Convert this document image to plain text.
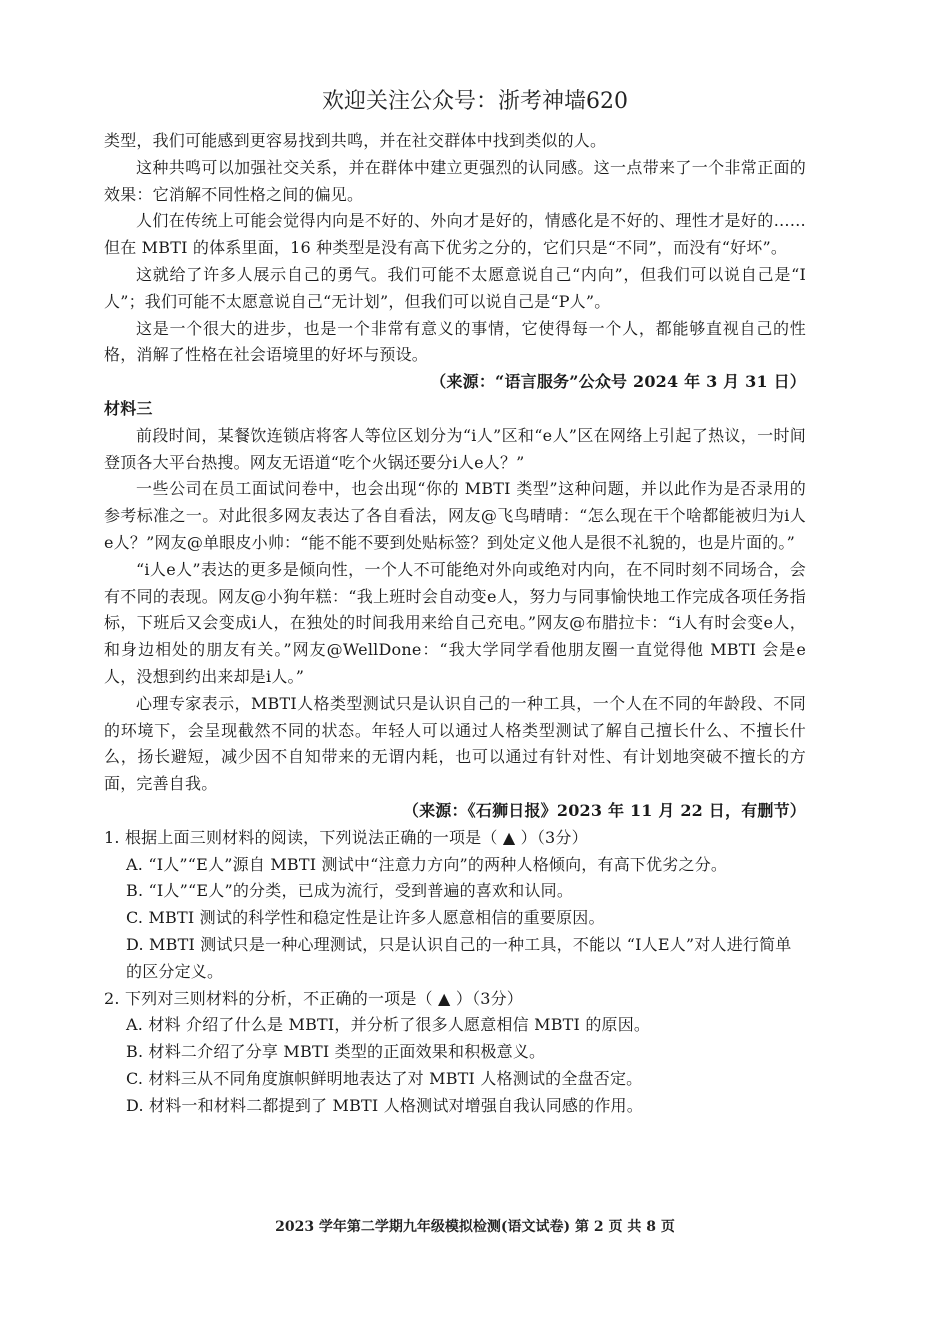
欢迎关注公众号：浙考神墙620

类型，我们可能感到更容易找到共鸣，并在社交群体中找到类似的人。

这种共鸣可以加强社交关系，并在群体中建立更强烈的认同感。这一点带来了一个非常正面的效果：它消解不同性格之间的偏见。

人们在传统上可能会觉得内向是不好的、外向才是好的，情感化是不好的、理性才是好的……但在 MBTI 的体系里面，16 种类型是没有高下优劣之分的，它们只是“不同”，而没有“好坏”。

这就给了许多人展示自己的勇气。我们可能不太愿意说自己“内向”，但我们可以说自己是“I人”；我们可能不太愿意说自己“无计划”，但我们可以说自己是“P人”。

这是一个很大的进步，也是一个非常有意义的事情，它使得每一个人，都能够直视自己的性格，消解了性格在社会语境里的好坏与预设。

（来源：“语言服务”公众号 2024 年 3 月 31 日）

材料三

前段时间，某餐饮连锁店将客人等位区划分为“i人”区和“e人”区在网络上引起了热议，一时间登顶各大平台热搜。网友无语道“吃个火锅还要分i人e人？”

一些公司在员工面试问卷中，也会出现“你的 MBTI 类型”这种问题，并以此作为是否录用的参考标准之一。对此很多网友表达了各自看法，网友@飞鸟晴晴：“怎么现在干个啥都能被归为i人e人？”网友@单眼皮小帅：“能不能不要到处贴标签？到处定义他人是很不礼貌的，也是片面的。”

“i人e人”表达的更多是倾向性，一个人不可能绝对外向或绝对内向，在不同时刻不同场合，会有不同的表现。网友@小狗年糕：“我上班时会自动变e人，努力与同事愉快地工作完成各项任务指标，下班后又会变成i人，在独处的时间我用来给自己充电。”网友@布腊拉卡：“i人有时会变e人，和身边相处的朋友有关。”网友@WellDone：“我大学同学看他朋友圈一直觉得他 MBTI 会是e人，没想到约出来却是i人。”

心理专家表示，MBTI人格类型测试只是认识自己的一种工具，一个人在不同的年龄段、不同的环境下，会呈现截然不同的状态。年轻人可以通过人格类型测试了解自己擅长什么、不擅长什么，扬长避短，减少因不自知带来的无谓内耗，也可以通过有针对性、有计划地突破不擅长的方面，完善自我。

（来源：《石狮日报》2023 年 11 月 22 日，有删节）

1. 根据上面三则材料的阅读，下列说法正确的一项是（ ▲ ）（3分）

A. “I人”“E人”源自 MBTI 测试中“注意力方向”的两种人格倾向，有高下优劣之分。

B. “I人”“E人”的分类，已成为流行，受到普遍的喜欢和认同。

C. MBTI 测试的科学性和稳定性是让许多人愿意相信的重要原因。

D. MBTI 测试只是一种心理测试，只是认识自己的一种工具，不能以 “I人E人”对人进行简单的区分定义。

2. 下列对三则材料的分析，不正确的一项是（ ▲ ）（3分）

A. 材料 介绍了什么是 MBTI，并分析了很多人愿意相信 MBTI 的原因。

B. 材料二介绍了分享 MBTI 类型的正面效果和积极意义。

C. 材料三从不同角度旗帜鲜明地表达了对 MBTI 人格测试的全盘否定。

D. 材料一和材料二都提到了 MBTI 人格测试对增强自我认同感的作用。

2023 学年第二学期九年级模拟检测(语文试卷) 第 2 页 共 8 页
